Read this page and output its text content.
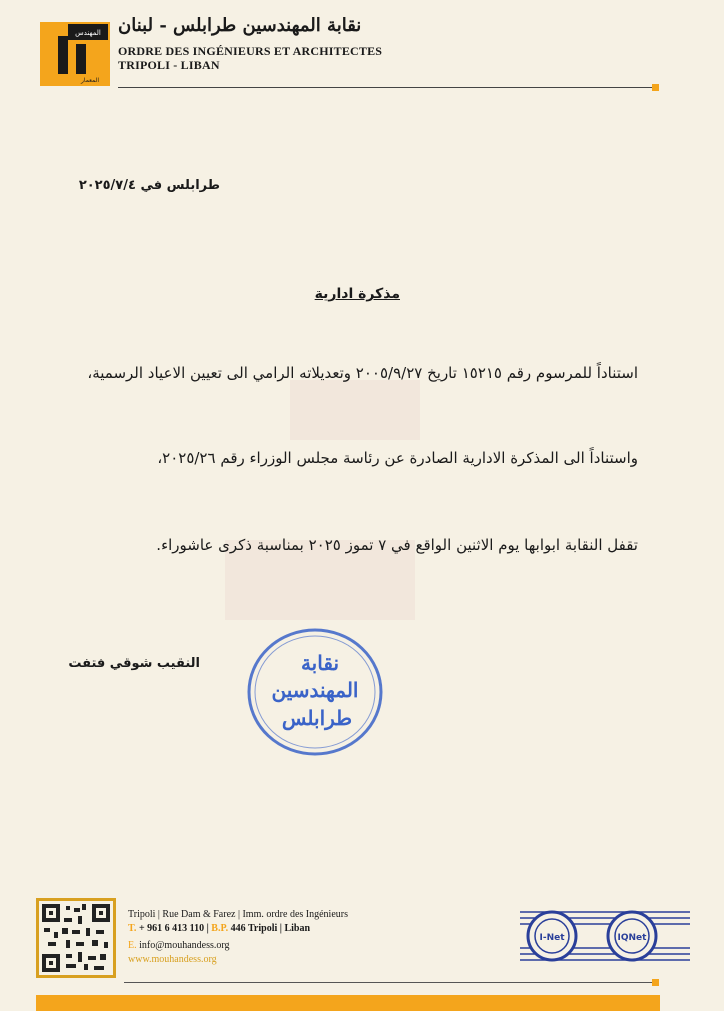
المهندس
المعمار

نقابة المهندسين طرابلس - لبنان

ORDRE DES INGÉNIEURS ET ARCHITECTES

TRIPOLI - LIBAN

طرابلس في ٢٠٢٥/٧/٤
مذكرة ادارية
استناداً للمرسوم رقم ١٥٢١٥ تاريخ ٢٠٠٥/٩/٢٧ وتعديلاته الرامي الى تعيين الاعياد الرسمية،
واستناداً الى المذكرة الادارية الصادرة عن رئاسة مجلس الوزراء رقم ٢٠٢٥/٢٦،
تقفل النقابة ابوابها يوم الاثنين الواقع في ٧ تموز ٢٠٢٥ بمناسبة ذكرى عاشوراء.
النقيب شوقي فتفت	نقابة
المهندسين
طرابلس
Tripoli | Rue Dam & Farez | Imm. ordre des Ingénieurs
T. + 961 6 413 110 | B.P. 446 Tripoli | Liban
E. info@mouhandess.org
www.mouhandess.org
I-Net	IQNet
